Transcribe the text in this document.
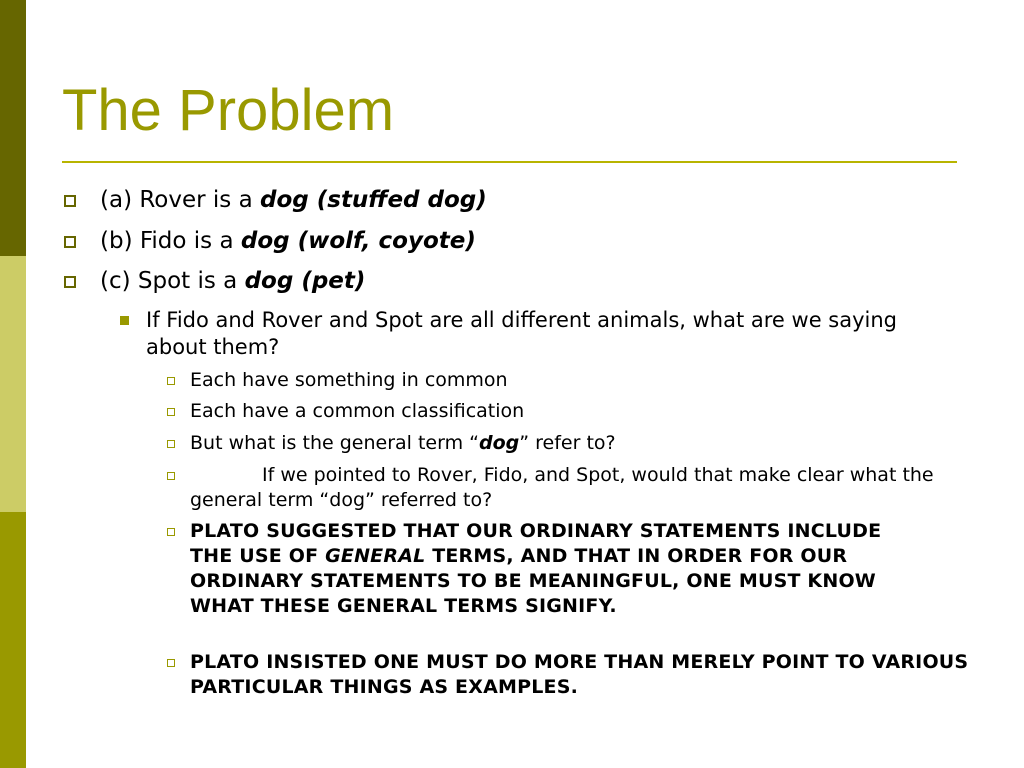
The Problem
(a) Rover is a dog (stuffed dog)
(b) Fido is a dog (wolf, coyote)
(c) Spot is a dog (pet)
If Fido and Rover and Spot are all different animals, what are we saying about them?
Each have something in common
Each have a common classification
But what is the general term “dog” refer to?
If we pointed to Rover, Fido, and Spot, would that make clear what the general term “dog” referred to?
PLATO SUGGESTED THAT OUR ORDINARY STATEMENTS INCLUDE THE USE OF GENERAL TERMS, AND THAT IN ORDER FOR OUR ORDINARY STATEMENTS TO BE MEANINGFUL, ONE MUST KNOW WHAT THESE GENERAL TERMS SIGNIFY.
PLATO INSISTED ONE MUST DO MORE THAN MERELY POINT TO VARIOUS PARTICULAR THINGS AS EXAMPLES.
